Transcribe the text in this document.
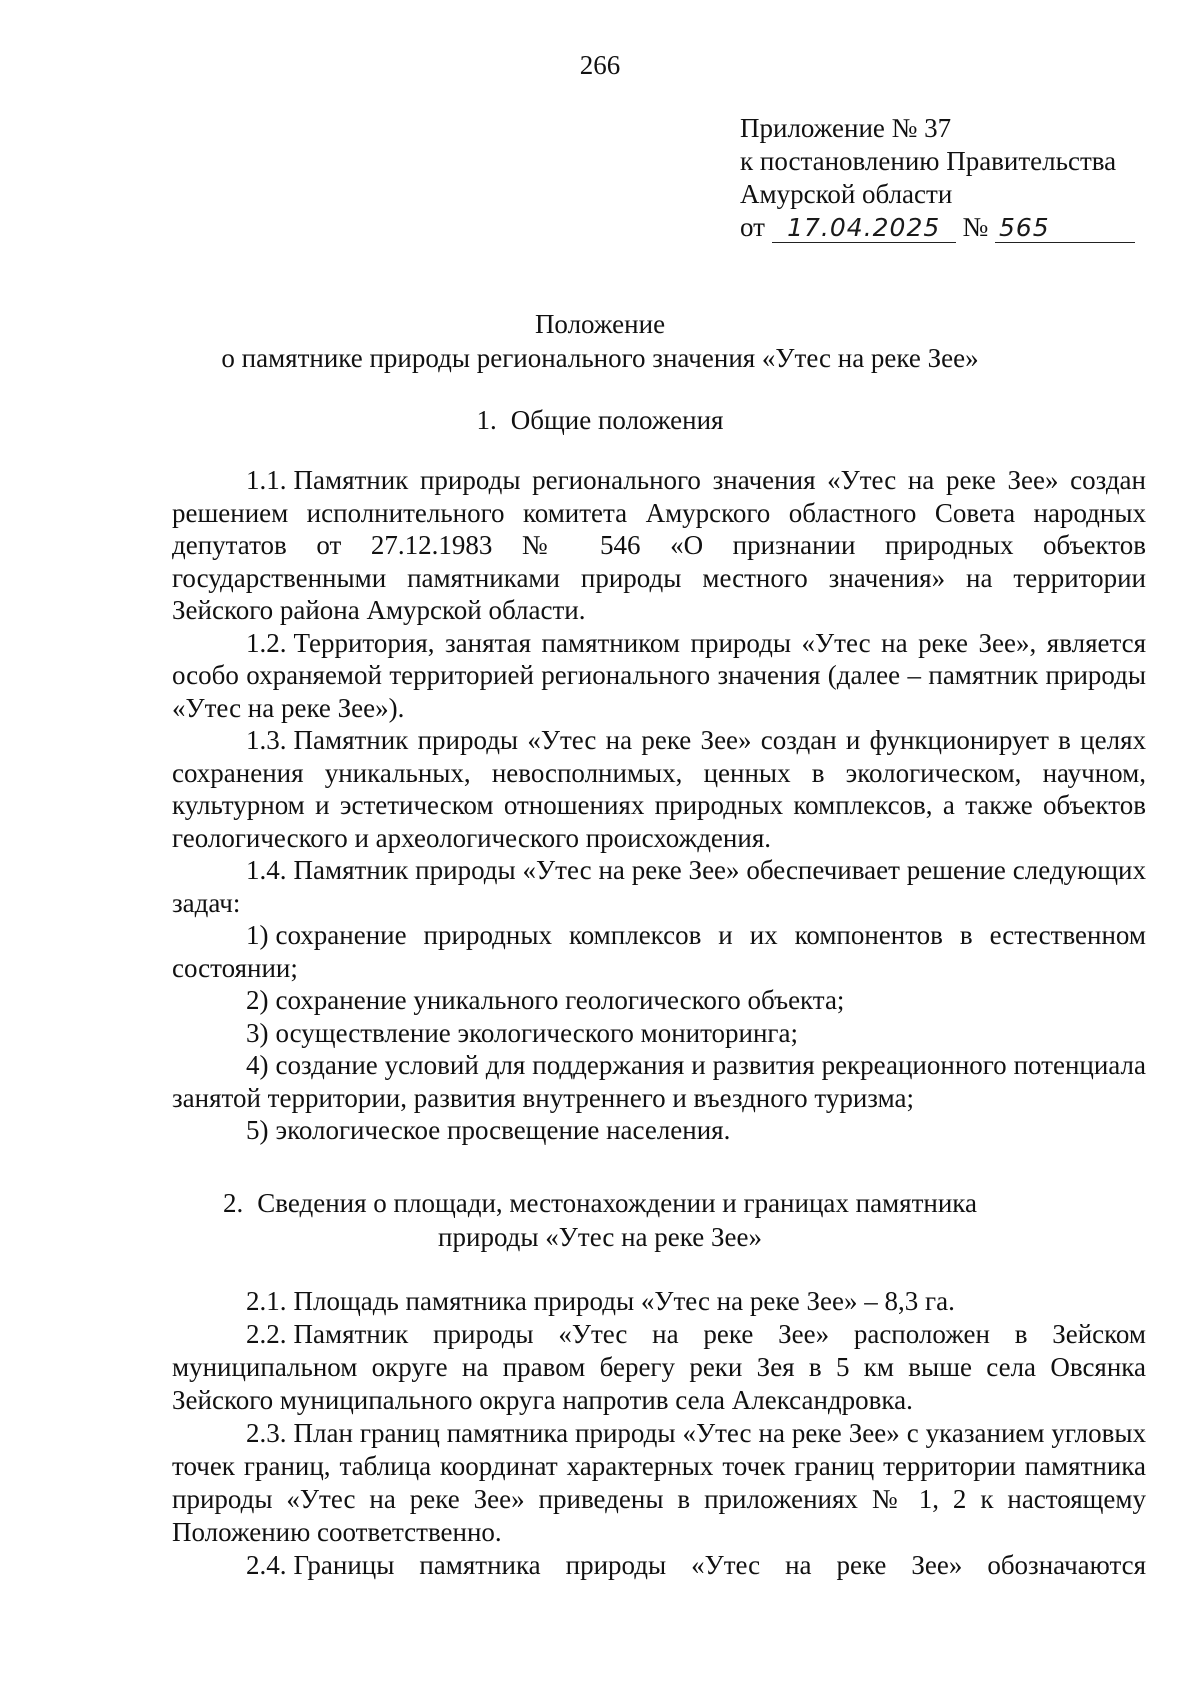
266
Приложение № 37
к постановлению Правительства
Амурской области
от 17.04.2025 № 565
Положение
о памятнике природы регионального значения «Утес на реке Зее»
1. Общие положения

1.1. Памятник природы регионального значения «Утес на реке Зее» создан решением исполнительного комитета Амурского областного Совета народных депутатов от 27.12.1983 № 546 «О признании природных объектов государственными памятниками природы местного значения» на территории Зейского района Амурской области.

1.2. Территория, занятая памятником природы «Утес на реке Зее», является особо охраняемой территорией регионального значения (далее – памятник природы «Утес на реке Зее»).

1.3. Памятник природы «Утес на реке Зее» создан и функционирует в целях сохранения уникальных, невосполнимых, ценных в экологическом, научном, культурном и эстетическом отношениях природных комплексов, а также объектов геологического и археологического происхождения.

1.4. Памятник природы «Утес на реке Зее» обеспечивает решение следующих задач:

1) сохранение природных комплексов и их компонентов в естественном состоянии;

2) сохранение уникального геологического объекта;

3) осуществление экологического мониторинга;

4) создание условий для поддержания и развития рекреационного потенциала занятой территории, развития внутреннего и въездного туризма;

5) экологическое просвещение населения.

2. Сведения о площади, местонахождении и границах памятника
природы «Утес на реке Зее»

2.1. Площадь памятника природы «Утес на реке Зее» – 8,3 га.

2.2. Памятник природы «Утес на реке Зее» расположен в Зейском муниципальном округе на правом берегу реки Зея в 5 км выше села Овсянка Зейского муниципального округа напротив села Александровка.

2.3. План границ памятника природы «Утес на реке Зее» с указанием угловых точек границ, таблица координат характерных точек границ территории памятника природы «Утес на реке Зее» приведены в приложениях № 1, 2 к настоящему Положению соответственно.

2.4. Границы памятника природы «Утес на реке Зее» обозначаются
